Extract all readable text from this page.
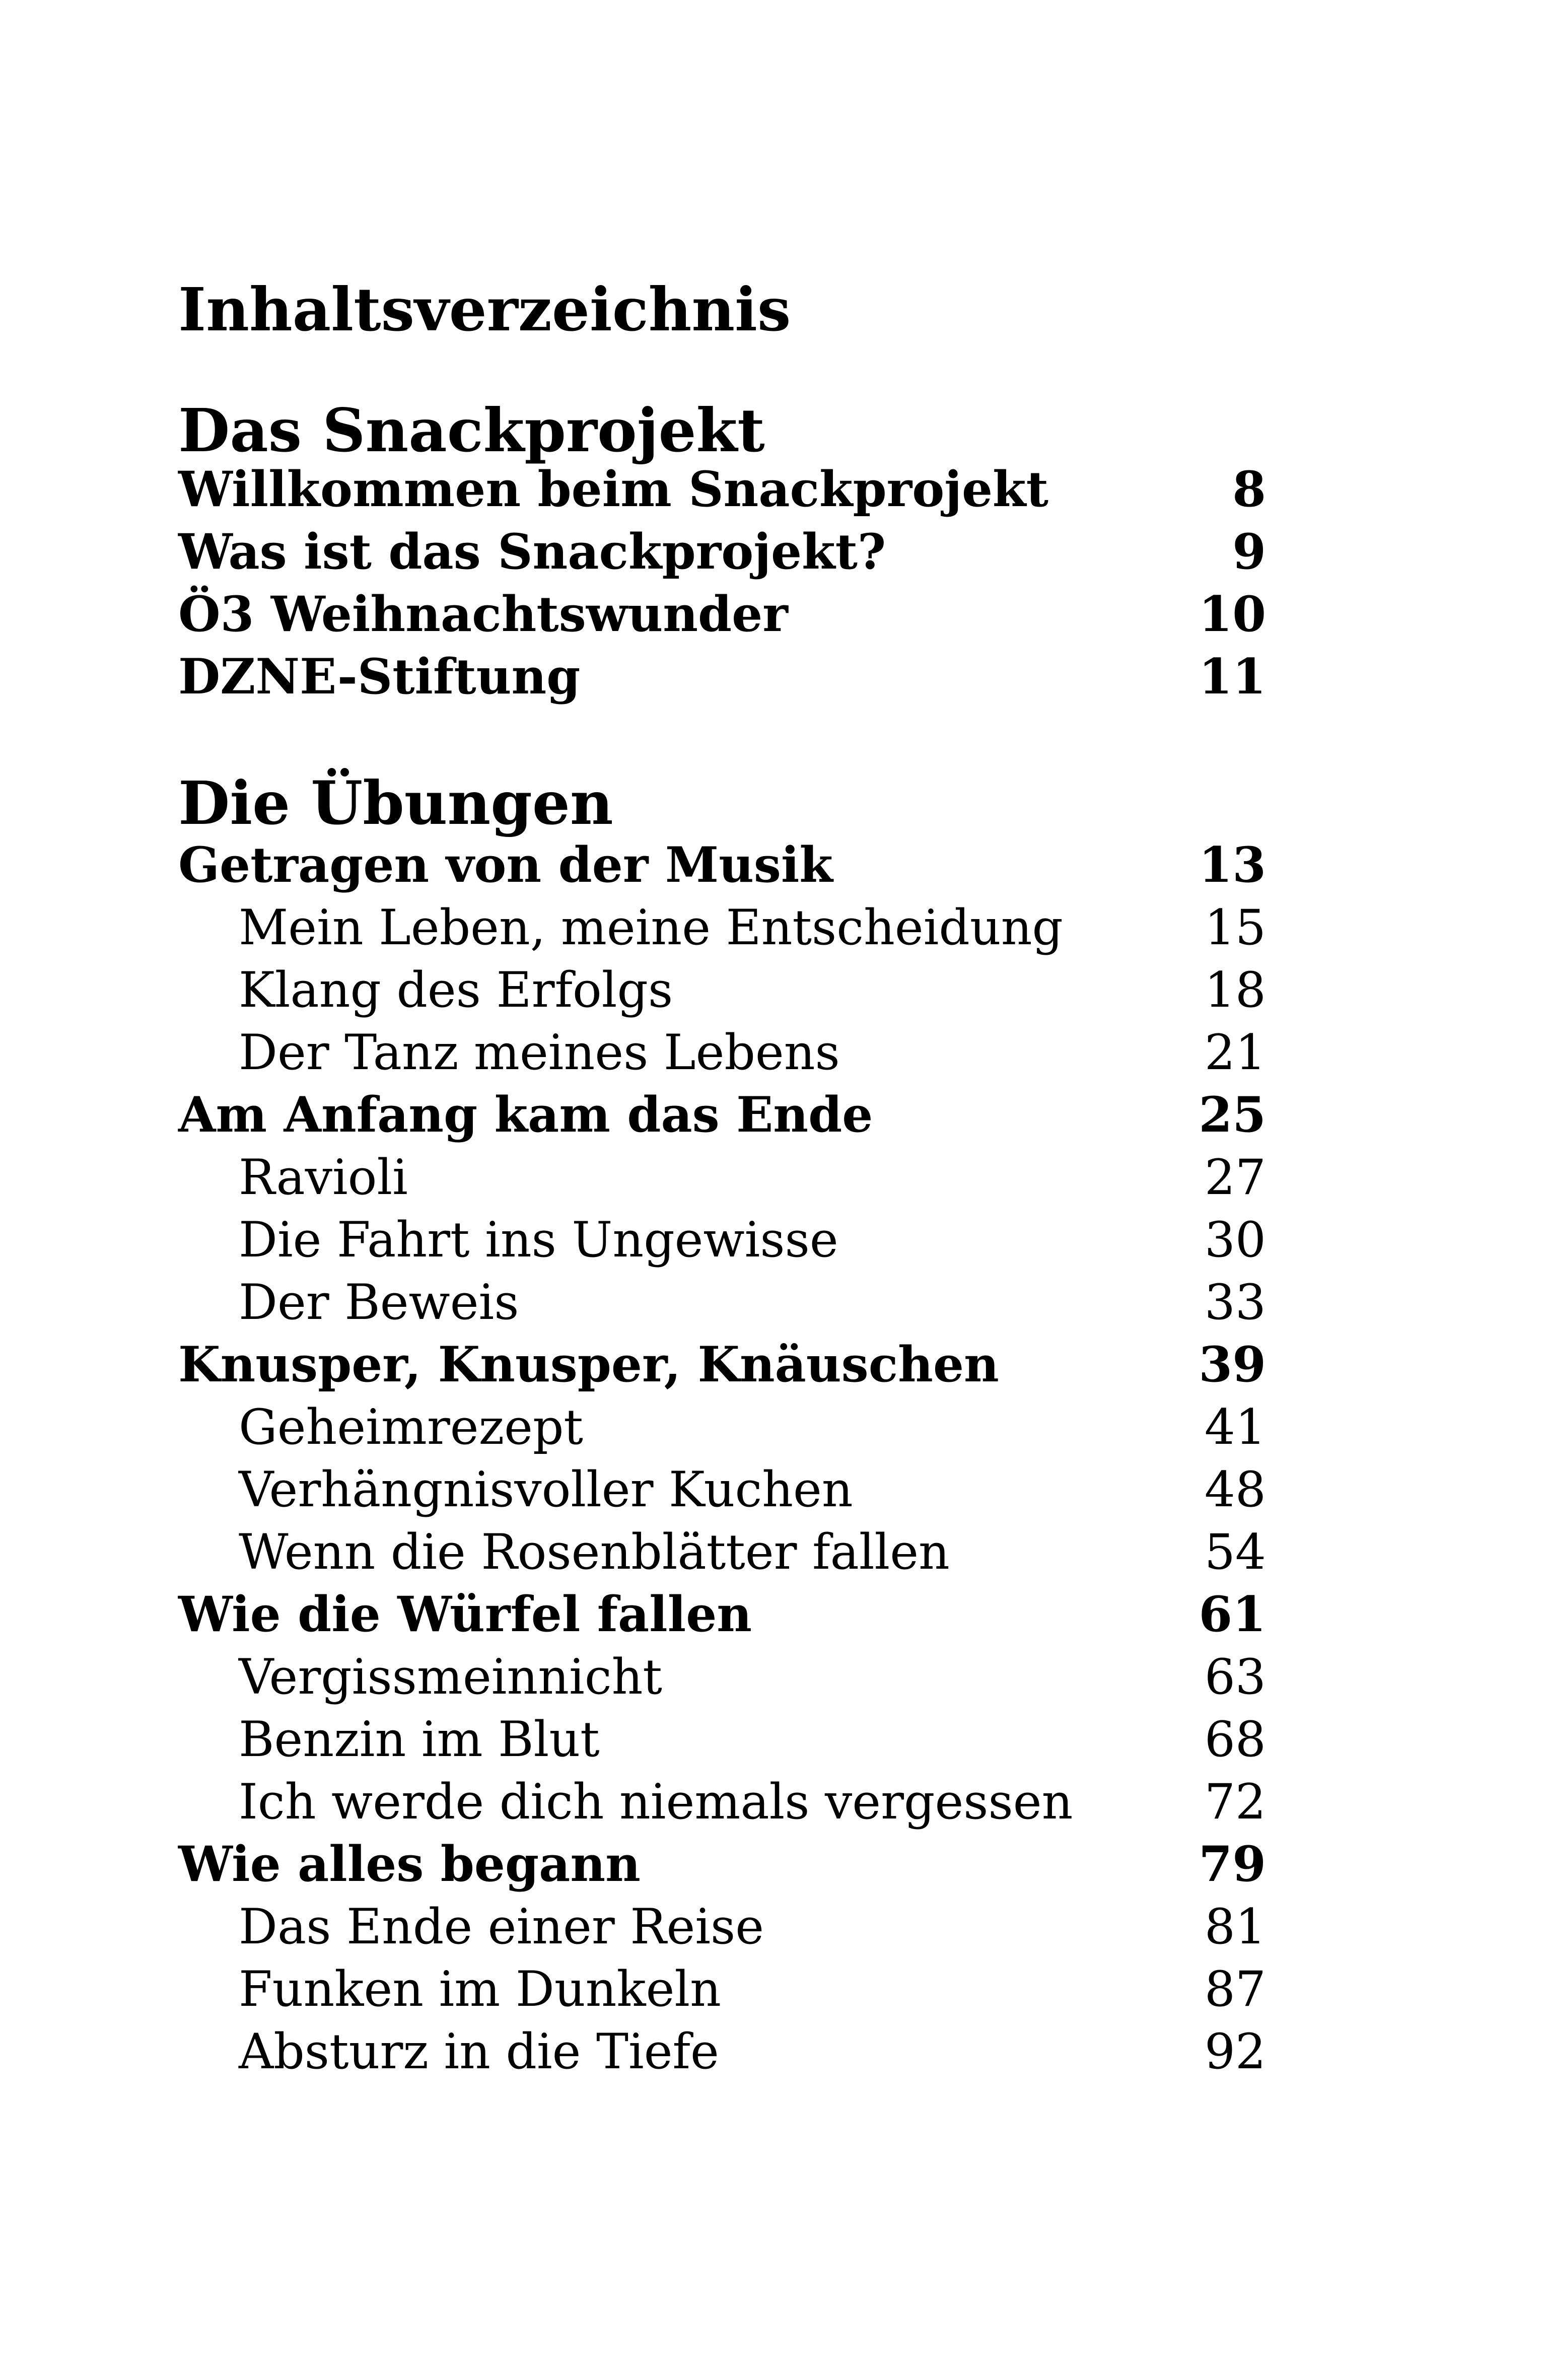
Inhaltsverzeichnis
Das Snackprojekt
Willkommen beim Snackprojekt	8
Was ist das Snackprojekt?	9
Ö3 Weihnachtswunder	10
DZNE-Stiftung	11
Die Übungen
Getragen von der Musik	13
Mein Leben, meine Entscheidung	15
Klang des Erfolgs	18
Der Tanz meines Lebens	21
Am Anfang kam das Ende	25
Ravioli	27
Die Fahrt ins Ungewisse	30
Der Beweis	33
Knusper, Knusper, Knäuschen	39
Geheimrezept	41
Verhängnisvoller Kuchen	48
Wenn die Rosenblätter fallen	54
Wie die Würfel fallen	61
Vergissmeinnicht	63
Benzin im Blut	68
Ich werde dich niemals vergessen	72
Wie alles begann	79
Das Ende einer Reise	81
Funken im Dunkeln	87
Absturz in die Tiefe	92
